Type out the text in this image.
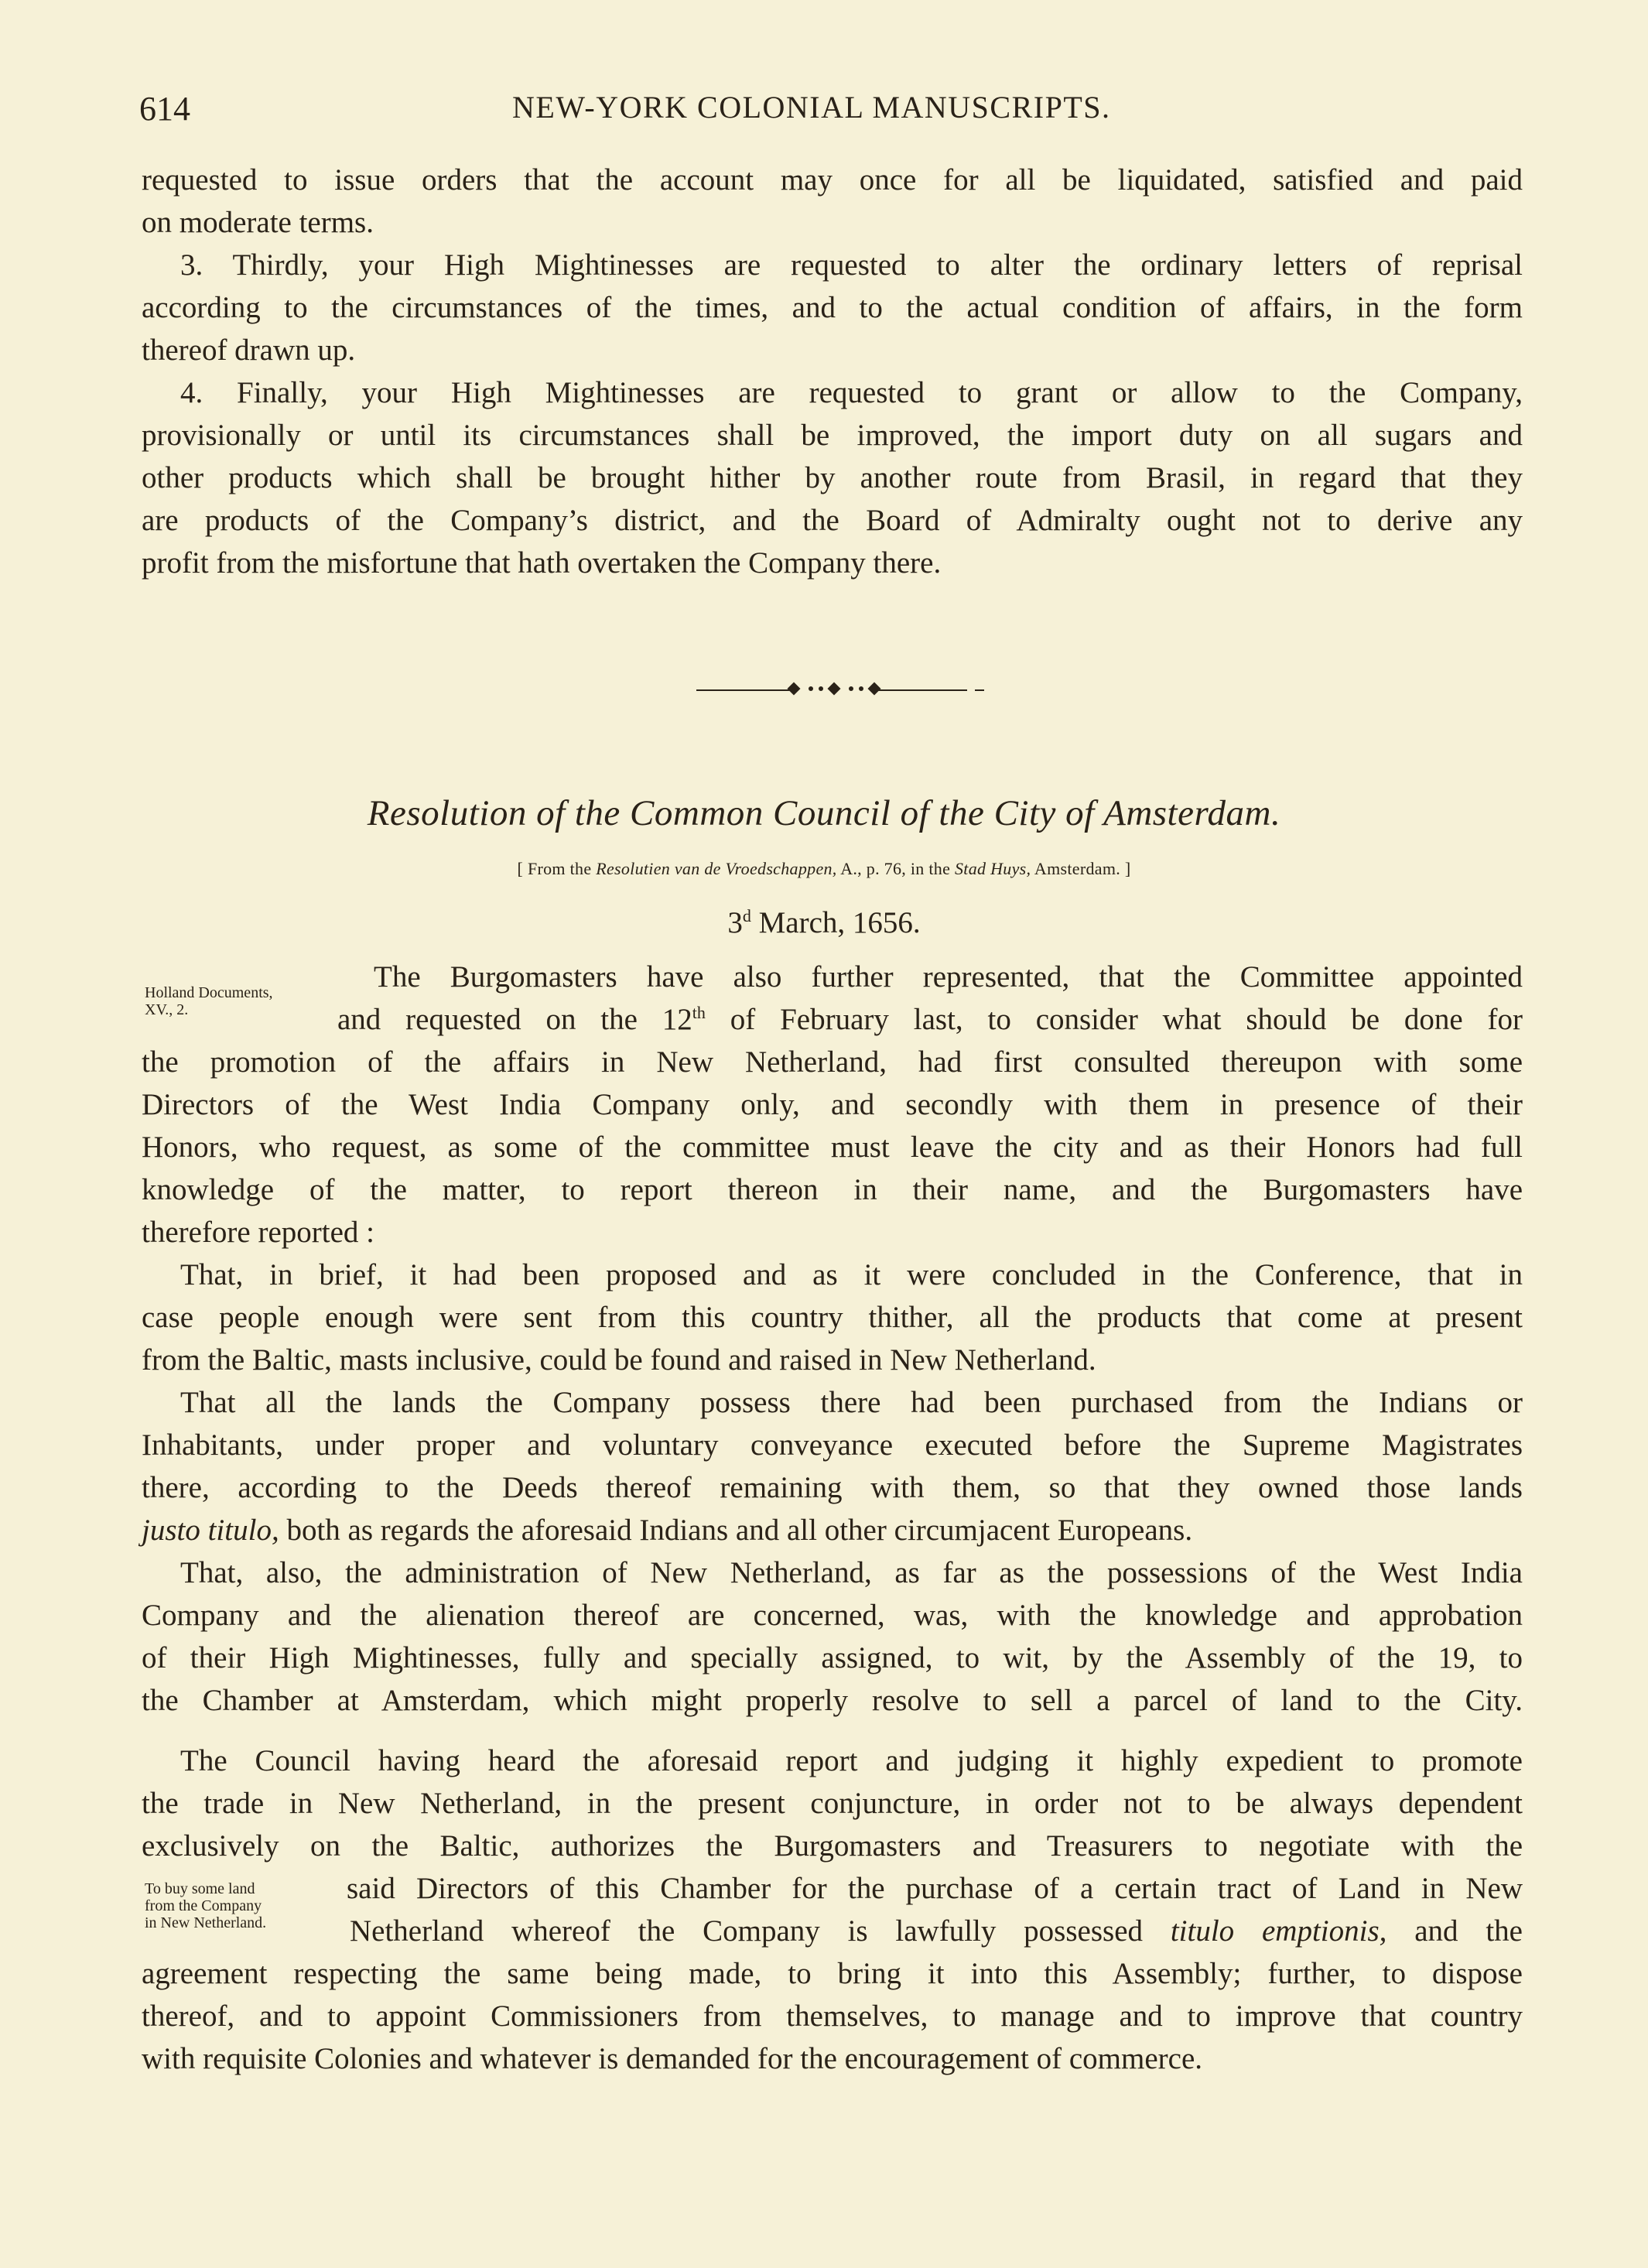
614	NEW-YORK COLONIAL MANUSCRIPTS.
requested to issue orders that the account may once for all be liquidated, satisfied and paid
on moderate terms.
3. Thirdly, your High Mightinesses are requested to alter the ordinary letters of reprisal
according to the circumstances of the times, and to the actual condition of affairs, in the form
thereof drawn up.
4. Finally, your High Mightinesses are requested to grant or allow to the Company,
provisionally or until its circumstances shall be improved, the import duty on all sugars and
other products which shall be brought hither by another route from Brasil, in regard that they
are products of the Company’s district, and the Board of Admiralty ought not to derive any
profit from the misfortune that hath overtaken the Company there.
Resolution of the Common Council of the City of Amsterdam.
[ From the Resolutien van de Vroedschappen, A., p. 76, in the Stad Huys, Amsterdam. ]
3$^d$ March, 1656.
Holland Documents,
XV., 2.
The Burgomasters have also further represented, that the Committee appointed
and requested on the 12th of February last, to consider what should be done for
the promotion of the affairs in New Netherland, had first consulted thereupon with some
Directors of the West India Company only, and secondly with them in presence of their
Honors, who request, as some of the committee must leave the city and as their Honors had full
knowledge of the matter, to report thereon in their name, and the Burgomasters have
therefore reported :
That, in brief, it had been proposed and as it were concluded in the Conference, that in
case people enough were sent from this country thither, all the products that come at present
from the Baltic, masts inclusive, could be found and raised in New Netherland.
That all the lands the Company possess there had been purchased from the Indians or
Inhabitants, under proper and voluntary conveyance executed before the Supreme Magistrates
there, according to the Deeds thereof remaining with them, so that they owned those lands
justo titulo, both as regards the aforesaid Indians and all other circumjacent Europeans.
That, also, the administration of New Netherland, as far as the possessions of the West India
Company and the alienation thereof are concerned, was, with the knowledge and approbation
of their High Mightinesses, fully and specially assigned, to wit, by the Assembly of the 19, to
the Chamber at Amsterdam, which might properly resolve to sell a parcel of land to the City.
The Council having heard the aforesaid report and judging it highly expedient to promote
the trade in New Netherland, in the present conjuncture, in order not to be always dependent
exclusively on the Baltic, authorizes the Burgomasters and Treasurers to negotiate with the
To buy some land
from the Company
in New Netherland.
said Directors of this Chamber for the purchase of a certain tract of Land in New
Netherland whereof the Company is lawfully possessed titulo emptionis, and the
agreement respecting the same being made, to bring it into this Assembly; further, to dispose
thereof, and to appoint Commissioners from themselves, to manage and to improve that country
with requisite Colonies and whatever is demanded for the encouragement of commerce.
